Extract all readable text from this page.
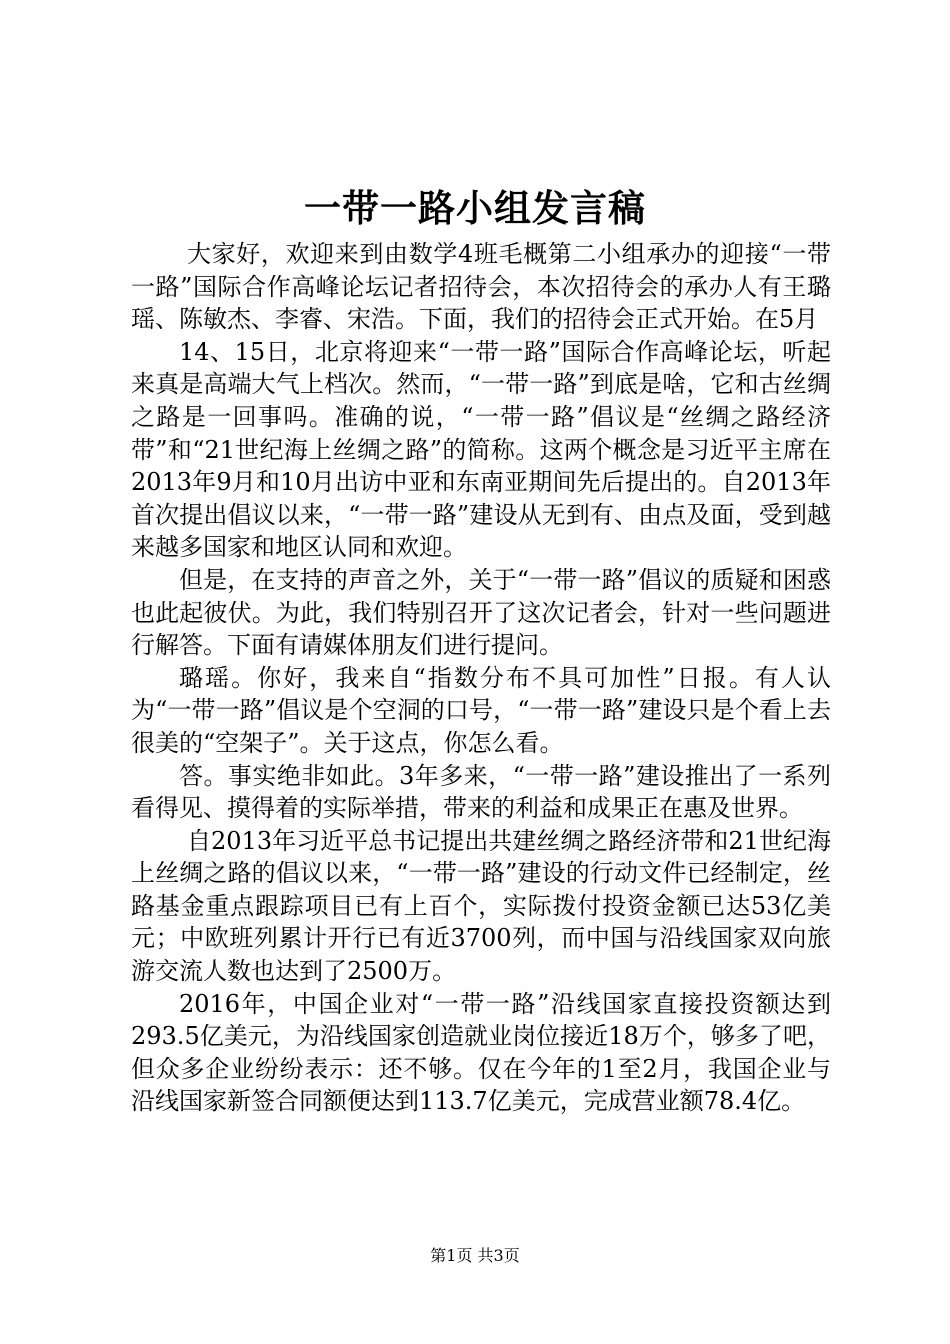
一带一路小组发言稿

大家好，欢迎来到由数学4班毛概第二小组承办的迎接“一带一路”国际合作高峰论坛记者招待会，本次招待会的承办人有王璐瑶、陈敏杰、李睿、宋浩。下面，我们的招待会正式开始。在5月

14、15日，北京将迎来“一带一路”国际合作高峰论坛，听起来真是高端大气上档次。然而，“一带一路”到底是啥，它和古丝绸之路是一回事吗。准确的说，“一带一路”倡议是“丝绸之路经济带”和“21世纪海上丝绸之路”的简称。这两个概念是习近平主席在2013年9月和10月出访中亚和东南亚期间先后提出的。自2013年首次提出倡议以来，“一带一路”建设从无到有、由点及面，受到越来越多国家和地区认同和欢迎。

但是，在支持的声音之外，关于“一带一路”倡议的质疑和困惑也此起彼伏。为此，我们特别召开了这次记者会，针对一些问题进行解答。下面有请媒体朋友们进行提问。

璐瑶。你好，我来自“指数分布不具可加性”日报。有人认为“一带一路”倡议是个空洞的口号，“一带一路”建设只是个看上去很美的“空架子”。关于这点，你怎么看。

答。事实绝非如此。3年多来，“一带一路”建设推出了一系列看得见、摸得着的实际举措，带来的利益和成果正在惠及世界。

自2013年习近平总书记提出共建丝绸之路经济带和21世纪海上丝绸之路的倡议以来，“一带一路”建设的行动文件已经制定，丝路基金重点跟踪项目已有上百个，实际拨付投资金额已达53亿美元；中欧班列累计开行已有近3700列，而中国与沿线国家双向旅游交流人数也达到了2500万。

2016年，中国企业对“一带一路”沿线国家直接投资额达到293.5亿美元，为沿线国家创造就业岗位接近18万个，够多了吧，但众多企业纷纷表示：还不够。仅在今年的1至2月，我国企业与沿线国家新签合同额便达到113.7亿美元，完成营业额78.4亿。

第1页 共3页
